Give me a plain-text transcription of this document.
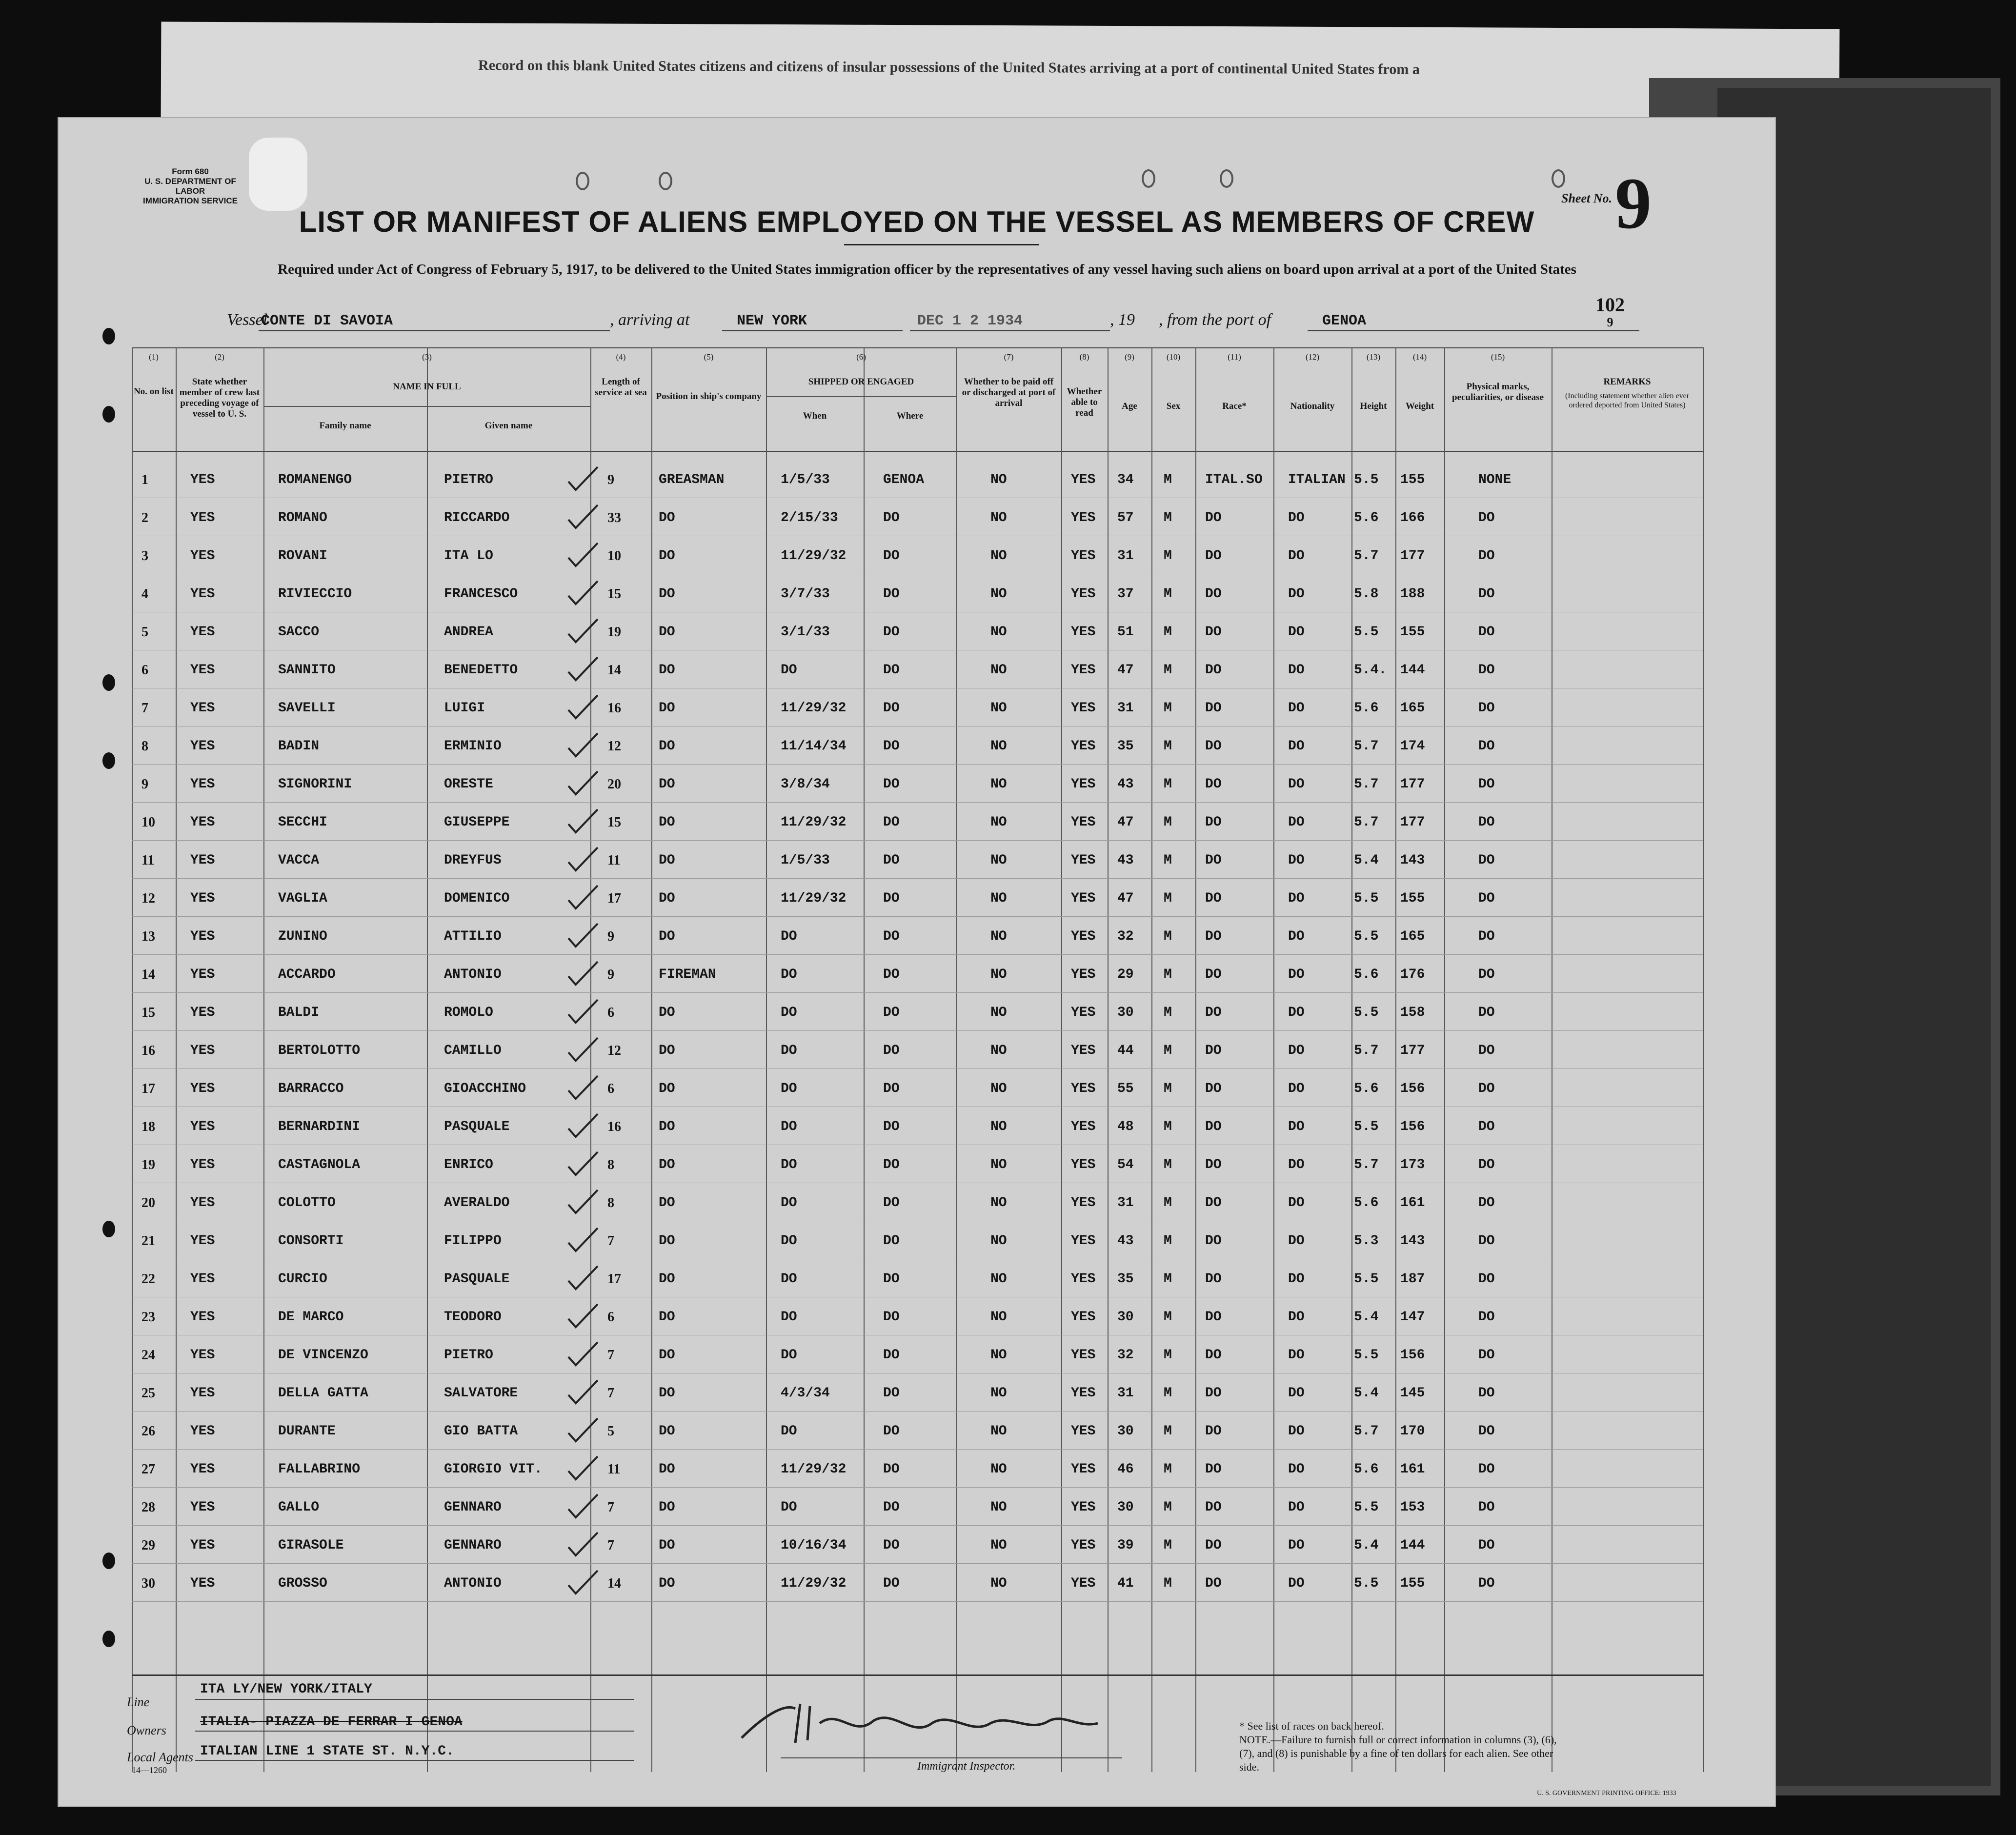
Record on this blank United States citizens and citizens of insular possessions of the United States arriving at a port of continental United States from a
Form 680
U. S. DEPARTMENT OF LABOR
IMMIGRATION SERVICE
LIST OR MANIFEST OF ALIENS EMPLOYED ON THE VESSEL AS MEMBERS OF CREW
Required under Act of Congress of February 5, 1917, to be delivered to the United States immigration officer by the representatives of any vessel having such aliens on board upon arrival at a port of the United States
Sheet No. 9
102
9
Vessel
CONTE DI SAVOIA	, arriving at	NEW YORK	DEC 1 2 1934	, 19 , from the port of	GENOA
(1)
No. on list
(2)
State whether member of crew last preceding voyage of vessel to U. S.
(3)
NAME IN FULL
Family name	Given name
(4)
Length of service at sea
(5)
Position in ship's company
(6)
SHIPPED OR ENGAGED
When	Where
(7)
Whether to be paid off or discharged at port of arrival
(8)
Whether able to read
(9)
Age
(10)
Sex
(11)
Race*
(12)
Nationality
(13)
Height
(14)
Weight
(15)
Physical marks, peculiarities, or disease
REMARKS
(Including statement whether alien ever ordered deported from United States)
1	YES	ROMANENGO	PIETRO	9	GREASMAN	1/5/33	GENOA	NO	YES 34 M ITAL.SO ITALIAN 5.5 155	NONE
2	YES	ROMANO	RICCARDO	33	DO	2/15/33	DO	NO	YES 57 M DO	DO	5.6 166	DO
3	YES	ROVANI	ITA LO	10	DO	11/29/32	DO	NO	YES 31 M DO	DO	5.7 177	DO
4	YES	RIVIECCIO	FRANCESCO	15	DO	3/7/33	DO	NO	YES 37 M DO	DO	5.8 188	DO
5	YES	SACCO	ANDREA	19	DO	3/1/33	DO	NO	YES 51 M DO	DO	5.5 155	DO
6	YES	SANNITO	BENEDETTO	14	DO	DO	DO	NO	YES 47 M DO	DO	5.4. 144	DO
7	YES	SAVELLI	LUIGI	16	DO	11/29/32	DO	NO	YES 31 M DO	DO	5.6 165	DO
8	YES	BADIN	ERMINIO	12	DO	11/14/34	DO	NO	YES 35 M DO	DO	5.7 174	DO
9	YES	SIGNORINI	ORESTE	20	DO	3/8/34	DO	NO	YES 43 M DO	DO	5.7 177	DO
10	YES	SECCHI	GIUSEPPE	15	DO	11/29/32	DO	NO	YES 47 M DO	DO	5.7 177	DO
11	YES	VACCA	DREYFUS	11	DO	1/5/33	DO	NO	YES 43 M DO	DO	5.4 143	DO
12	YES	VAGLIA	DOMENICO	17	DO	11/29/32	DO	NO	YES 47 M DO	DO	5.5 155	DO
13	YES	ZUNINO	ATTILIO	9	DO	DO	DO	NO	YES 32 M DO	DO	5.5 165	DO
14	YES	ACCARDO	ANTONIO	9	FIREMAN	DO	DO	NO	YES 29 M DO	DO	5.6 176	DO
15	YES	BALDI	ROMOLO	6	DO	DO	DO	NO	YES 30 M DO	DO	5.5 158	DO
16	YES	BERTOLOTTO	CAMILLO	12	DO	DO	DO	NO	YES 44 M DO	DO	5.7 177	DO
17	YES	BARRACCO	GIOACCHINO	6	DO	DO	DO	NO	YES 55 M DO	DO	5.6 156	DO
18	YES	BERNARDINI	PASQUALE	16	DO	DO	DO	NO	YES 48 M DO	DO	5.5 156	DO
19	YES	CASTAGNOLA	ENRICO	8	DO	DO	DO	NO	YES 54 M DO	DO	5.7 173	DO
20	YES	COLOTTO	AVERALDO	8	DO	DO	DO	NO	YES 31 M DO	DO	5.6 161	DO
21	YES	CONSORTI	FILIPPO	7	DO	DO	DO	NO	YES 43 M DO	DO	5.3 143	DO
22	YES	CURCIO	PASQUALE	17	DO	DO	DO	NO	YES 35 M DO	DO	5.5 187	DO
23	YES	DE MARCO	TEODORO	6	DO	DO	DO	NO	YES 30 M DO	DO	5.4 147	DO
24	YES	DE VINCENZO	PIETRO	7	DO	DO	DO	NO	YES 32 M DO	DO	5.5 156	DO
25	YES	DELLA GATTA	SALVATORE	7	DO	4/3/34	DO	NO	YES 31 M DO	DO	5.4 145	DO
26	YES	DURANTE	GIO BATTA	5	DO	DO	DO	NO	YES 30 M DO	DO	5.7 170	DO
27	YES	FALLABRINO	GIORGIO VIT.	11	DO	11/29/32	DO	NO	YES 46 M DO	DO	5.6 161	DO
28	YES	GALLO	GENNARO	7	DO	DO	DO	NO	YES 30 M DO	DO	5.5 153	DO
29	YES	GIRASOLE	GENNARO	7	DO	10/16/34	DO	NO	YES 39 M DO	DO	5.4 144	DO
30	YES	GROSSO	ANTONIO	14	DO	11/29/32	DO	NO	YES 41 M DO	DO	5.5 155	DO
Line
ITA LY/NEW YORK/ITALY
Owners
ITALIA- PIAZZA DE FERRAR I GENOA
Local Agents ITALIAN LINE 1 STATE ST. N.Y.C.
14—1260	Immigrant Inspector.
* See list of races on back hereof.
NOTE.—Failure to furnish full or correct information in columns (3), (6), (7), and (8) is punishable by a fine of ten dollars for each alien. See other side.
U. S. GOVERNMENT PRINTING OFFICE: 1933
